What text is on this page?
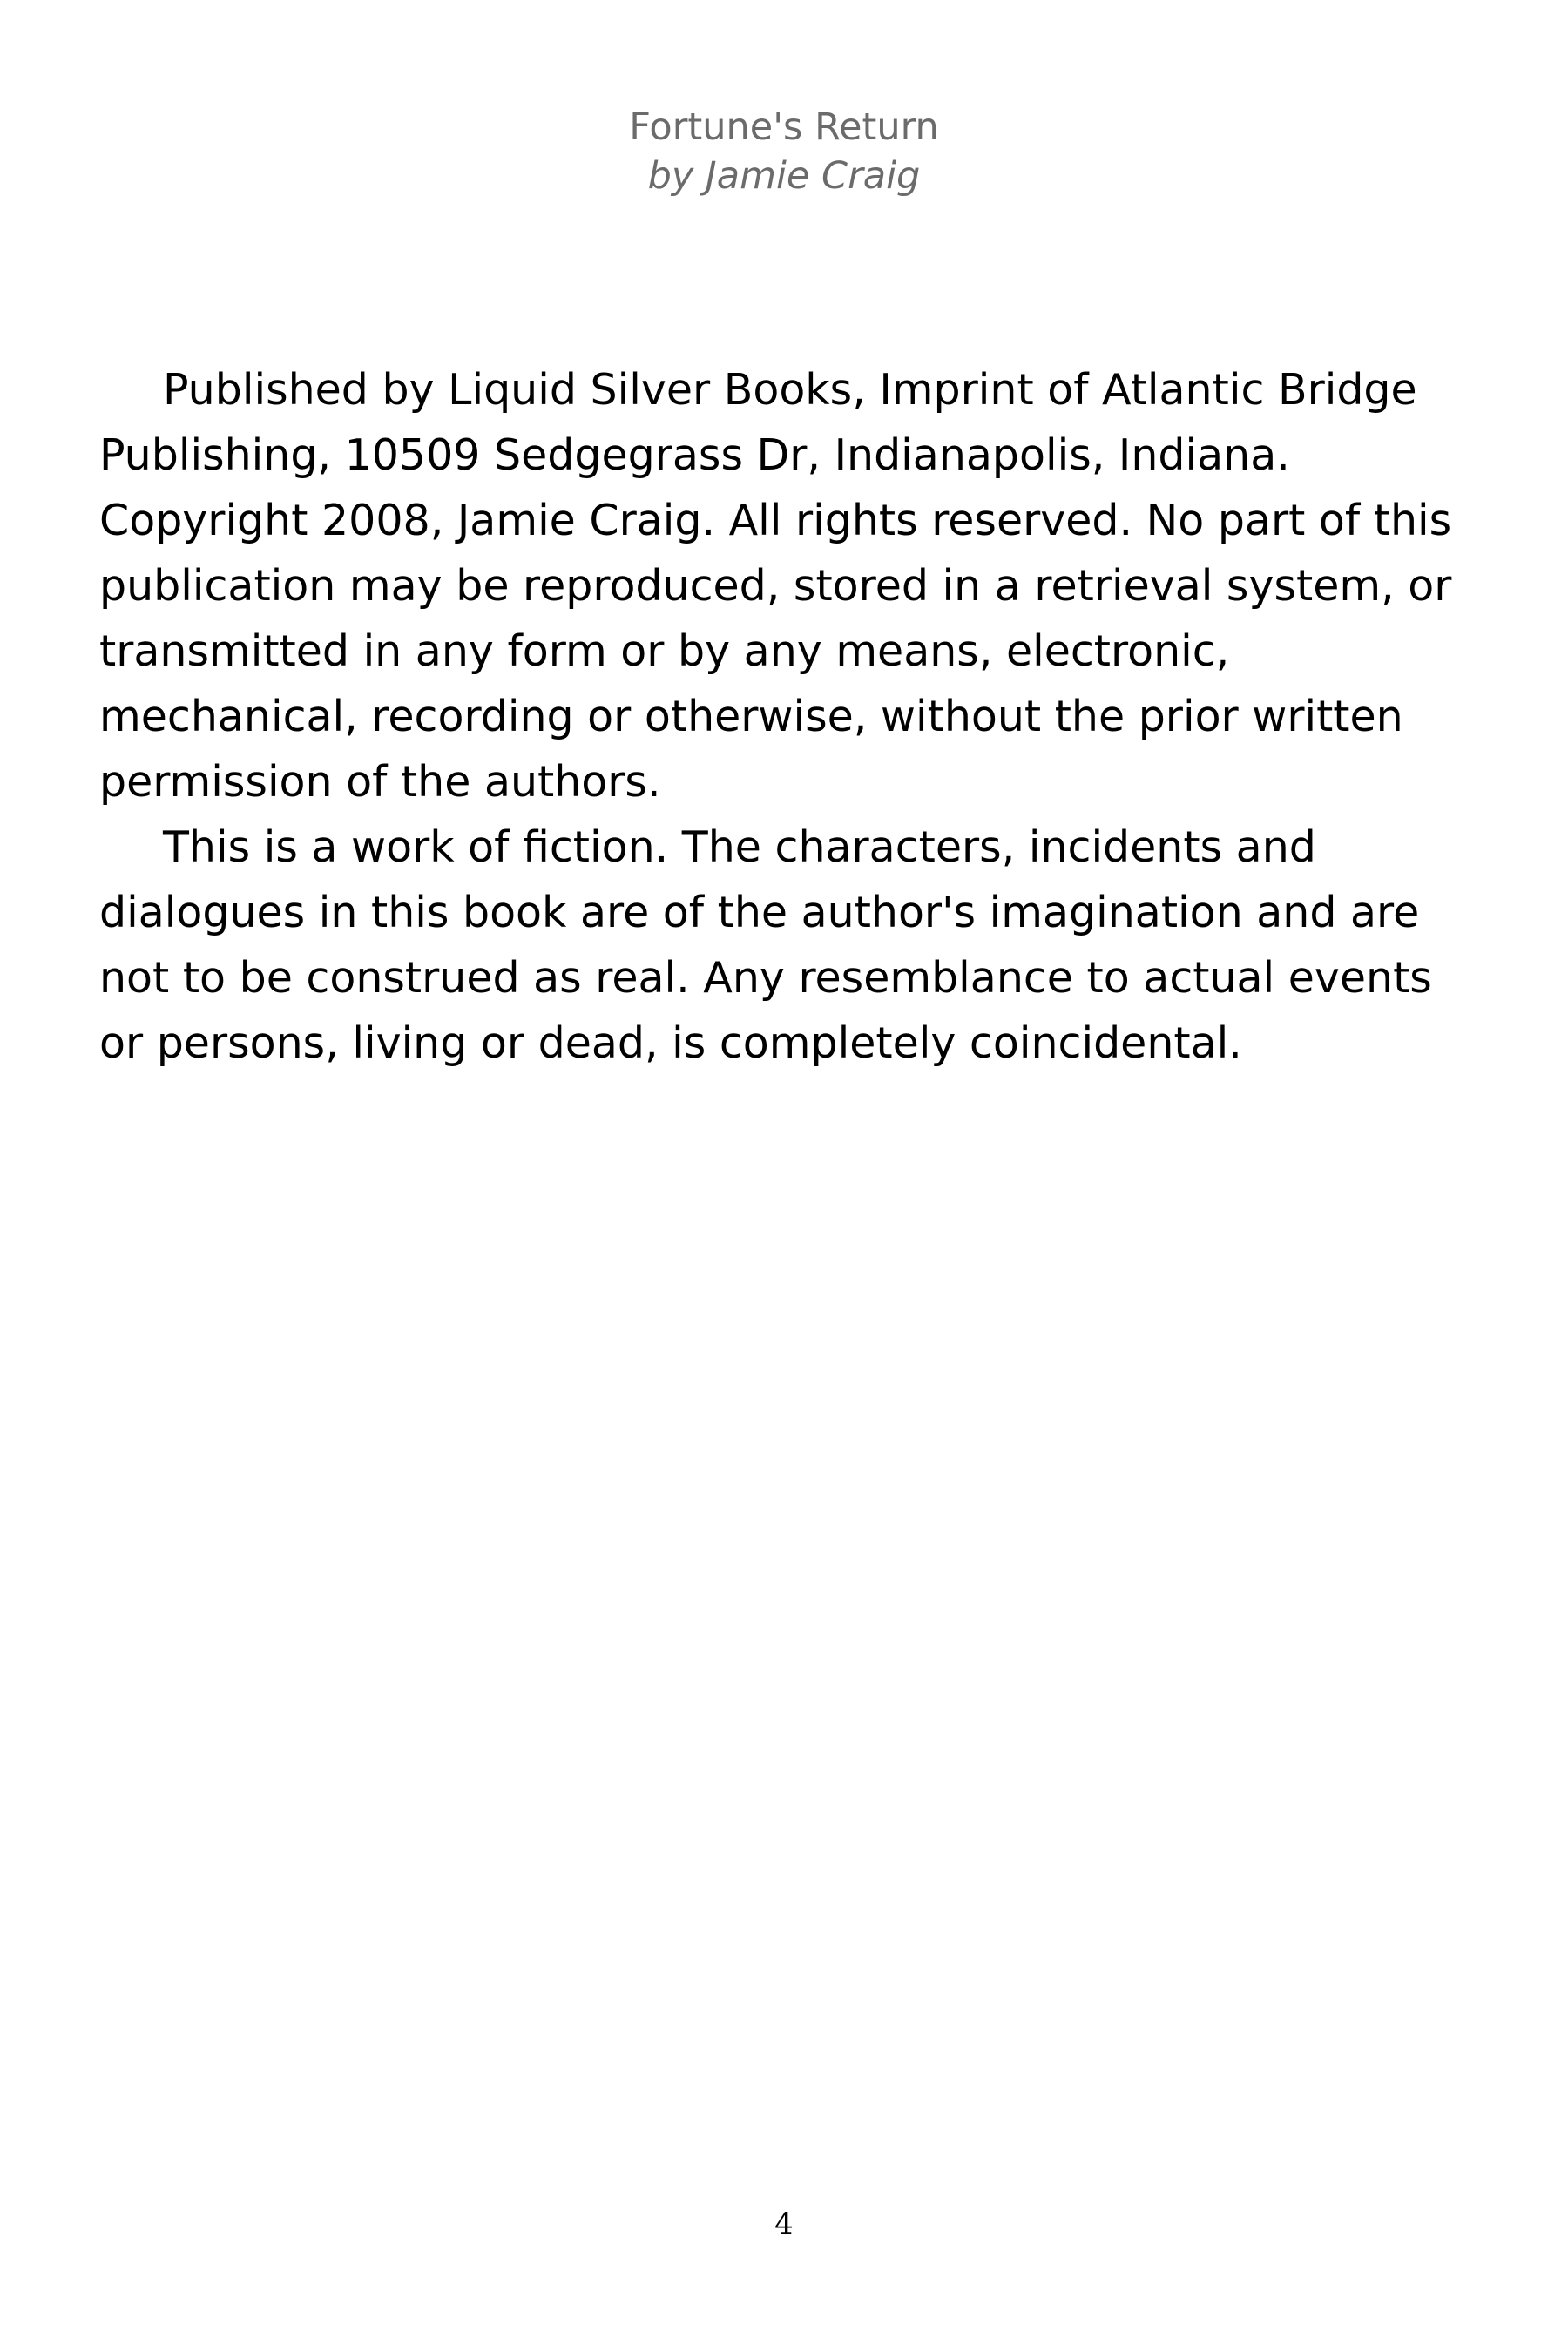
Fortune's Return
by Jamie Craig

Published by Liquid Silver Books, Imprint of Atlantic Bridge Publishing, 10509 Sedgegrass Dr, Indianapolis, Indiana. Copyright 2008, Jamie Craig. All rights reserved. No part of this publication may be reproduced, stored in a retrieval system, or transmitted in any form or by any means, electronic, mechanical, recording or otherwise, without the prior written permission of the authors.

This is a work of fiction. The characters, incidents and dialogues in this book are of the author's imagination and are not to be construed as real. Any resemblance to actual events or persons, living or dead, is completely coincidental.

4
